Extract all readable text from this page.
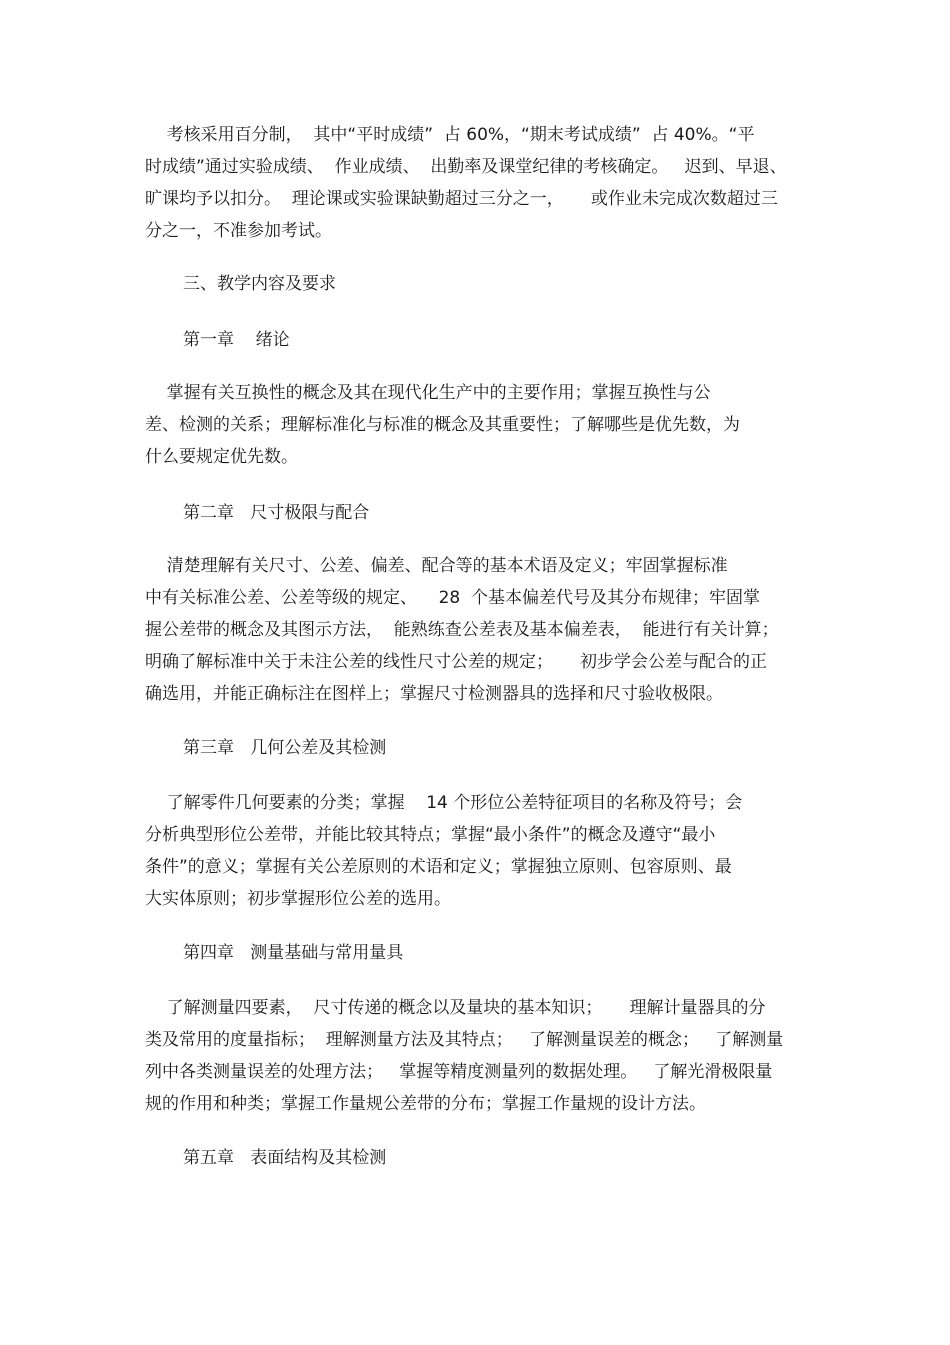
考核采用百分制，  其中“平时成绩”  占 60%，“期末考试成绩”  占 40%。“平
时成绩”通过实验成绩、  作业成绩、  出勤率及课堂纪律的考核确定。   迟到、早退、
旷课均予以扣分。  理论课或实验课缺勤超过三分之一，     或作业未完成次数超过三
分之一，不准参加考试。
三、教学内容及要求
第一章    绪论
掌握有关互换性的概念及其在现代化生产中的主要作用；掌握互换性与公
差、检测的关系；理解标准化与标准的概念及其重要性；了解哪些是优先数，为
什么要规定优先数。
第二章   尺寸极限与配合
清楚理解有关尺寸、公差、偏差、配合等的基本术语及定义；牢固掌握标准
中有关标准公差、公差等级的规定、    28  个基本偏差代号及其分布规律；牢固掌
握公差带的概念及其图示方法，  能熟练查公差表及基本偏差表，  能进行有关计算；
明确了解标准中关于未注公差的线性尺寸公差的规定；     初步学会公差与配合的正
确选用，并能正确标注在图样上；掌握尺寸检测器具的选择和尺寸验收极限。
第三章   几何公差及其检测
了解零件几何要素的分类；掌握    14 个形位公差特征项目的名称及符号；会
分析典型形位公差带，并能比较其特点；掌握“最小条件”的概念及遵守“最小
条件”的意义；掌握有关公差原则的术语和定义；掌握独立原则、包容原则、最
大实体原则；初步掌握形位公差的选用。
第四章   测量基础与常用量具
了解测量四要素，  尺寸传递的概念以及量块的基本知识；     理解计量器具的分
类及常用的度量指标；  理解测量方法及其特点；   了解测量误差的概念；   了解测量
列中各类测量误差的处理方法；   掌握等精度测量列的数据处理。   了解光滑极限量
规的作用和种类；掌握工作量规公差带的分布；掌握工作量规的设计方法。
第五章   表面结构及其检测
